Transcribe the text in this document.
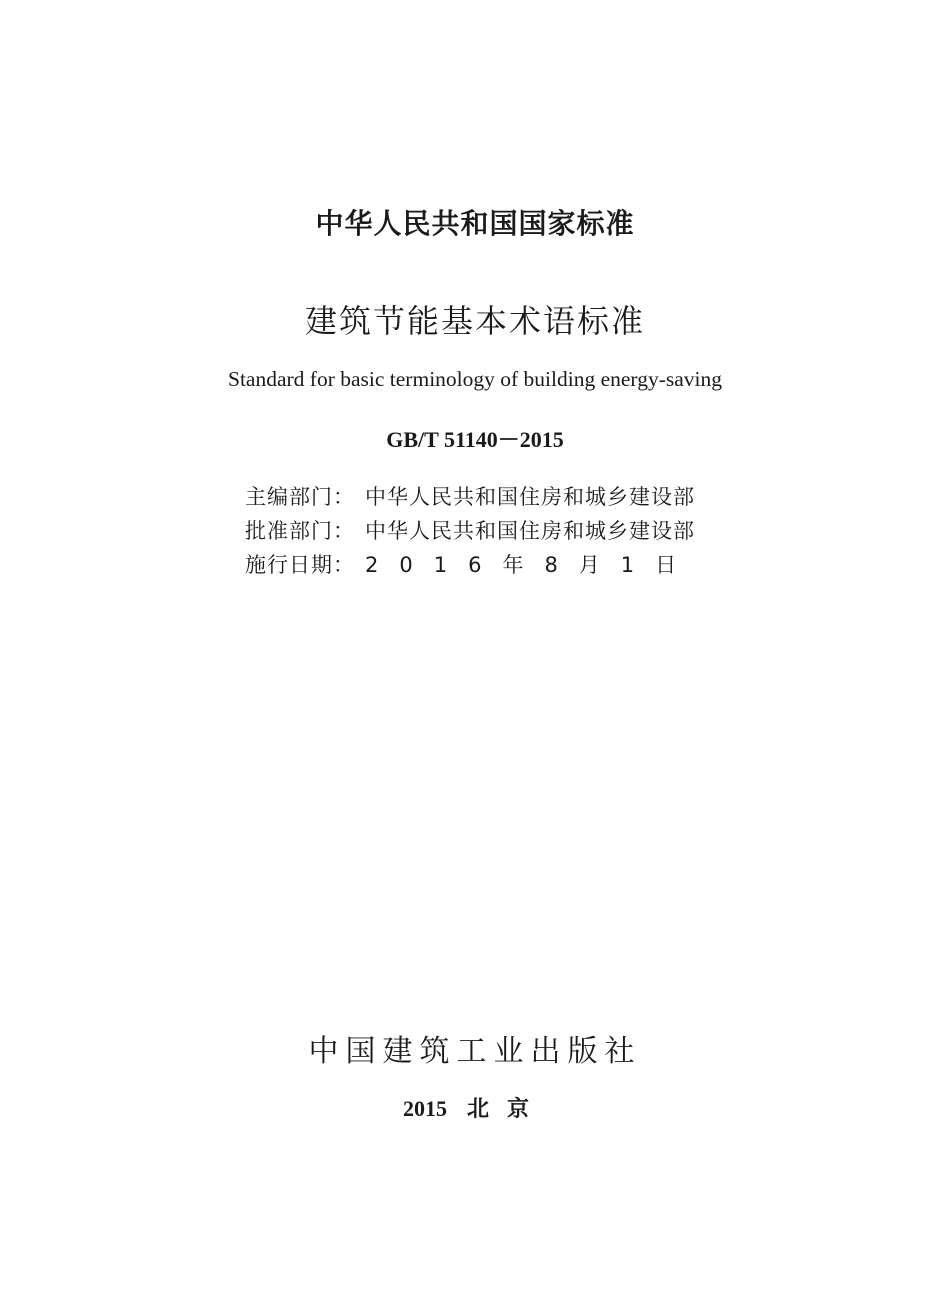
中华人民共和国国家标准
建筑节能基本术语标准
Standard for basic terminology of building energy-saving
GB/T 51140－2015
主编部门： 中华人民共和国住房和城乡建设部
批准部门： 中华人民共和国住房和城乡建设部
施行日期： 2016年8月1日
中国建筑工业出版社
2015 北京
